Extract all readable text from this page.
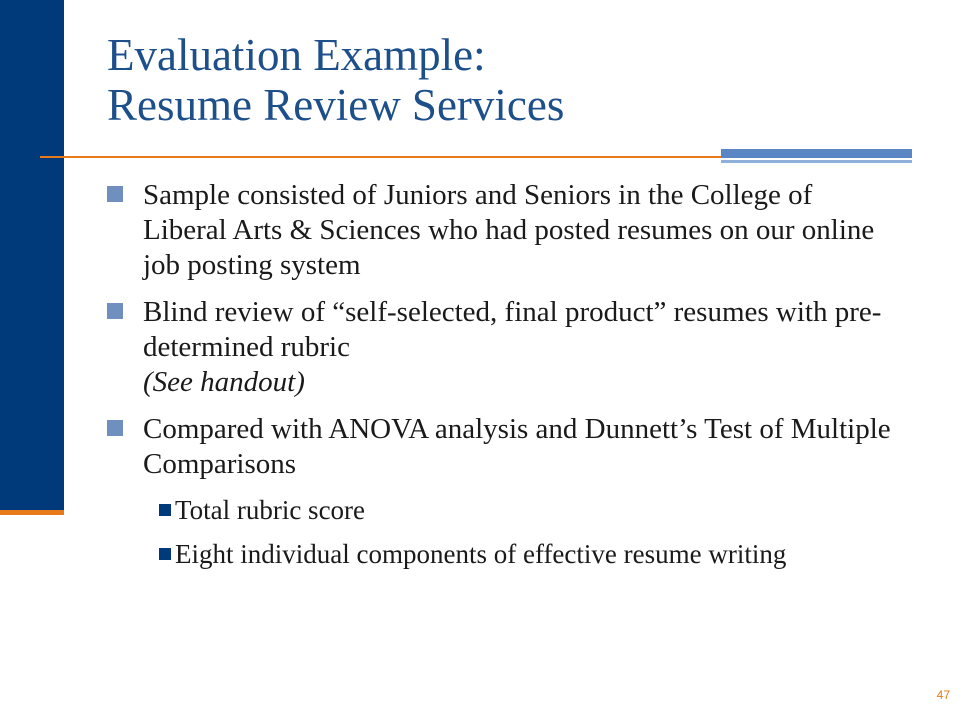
Evaluation Example:
Resume Review Services
Sample consisted of Juniors and Seniors in the College of Liberal Arts & Sciences who had posted resumes on our online job posting system
Blind review of “self-selected, final product” resumes with pre-determined rubric
(See handout)
Compared with ANOVA analysis and Dunnett’s Test of Multiple Comparisons
Total rubric score
Eight individual components of effective resume writing
47
